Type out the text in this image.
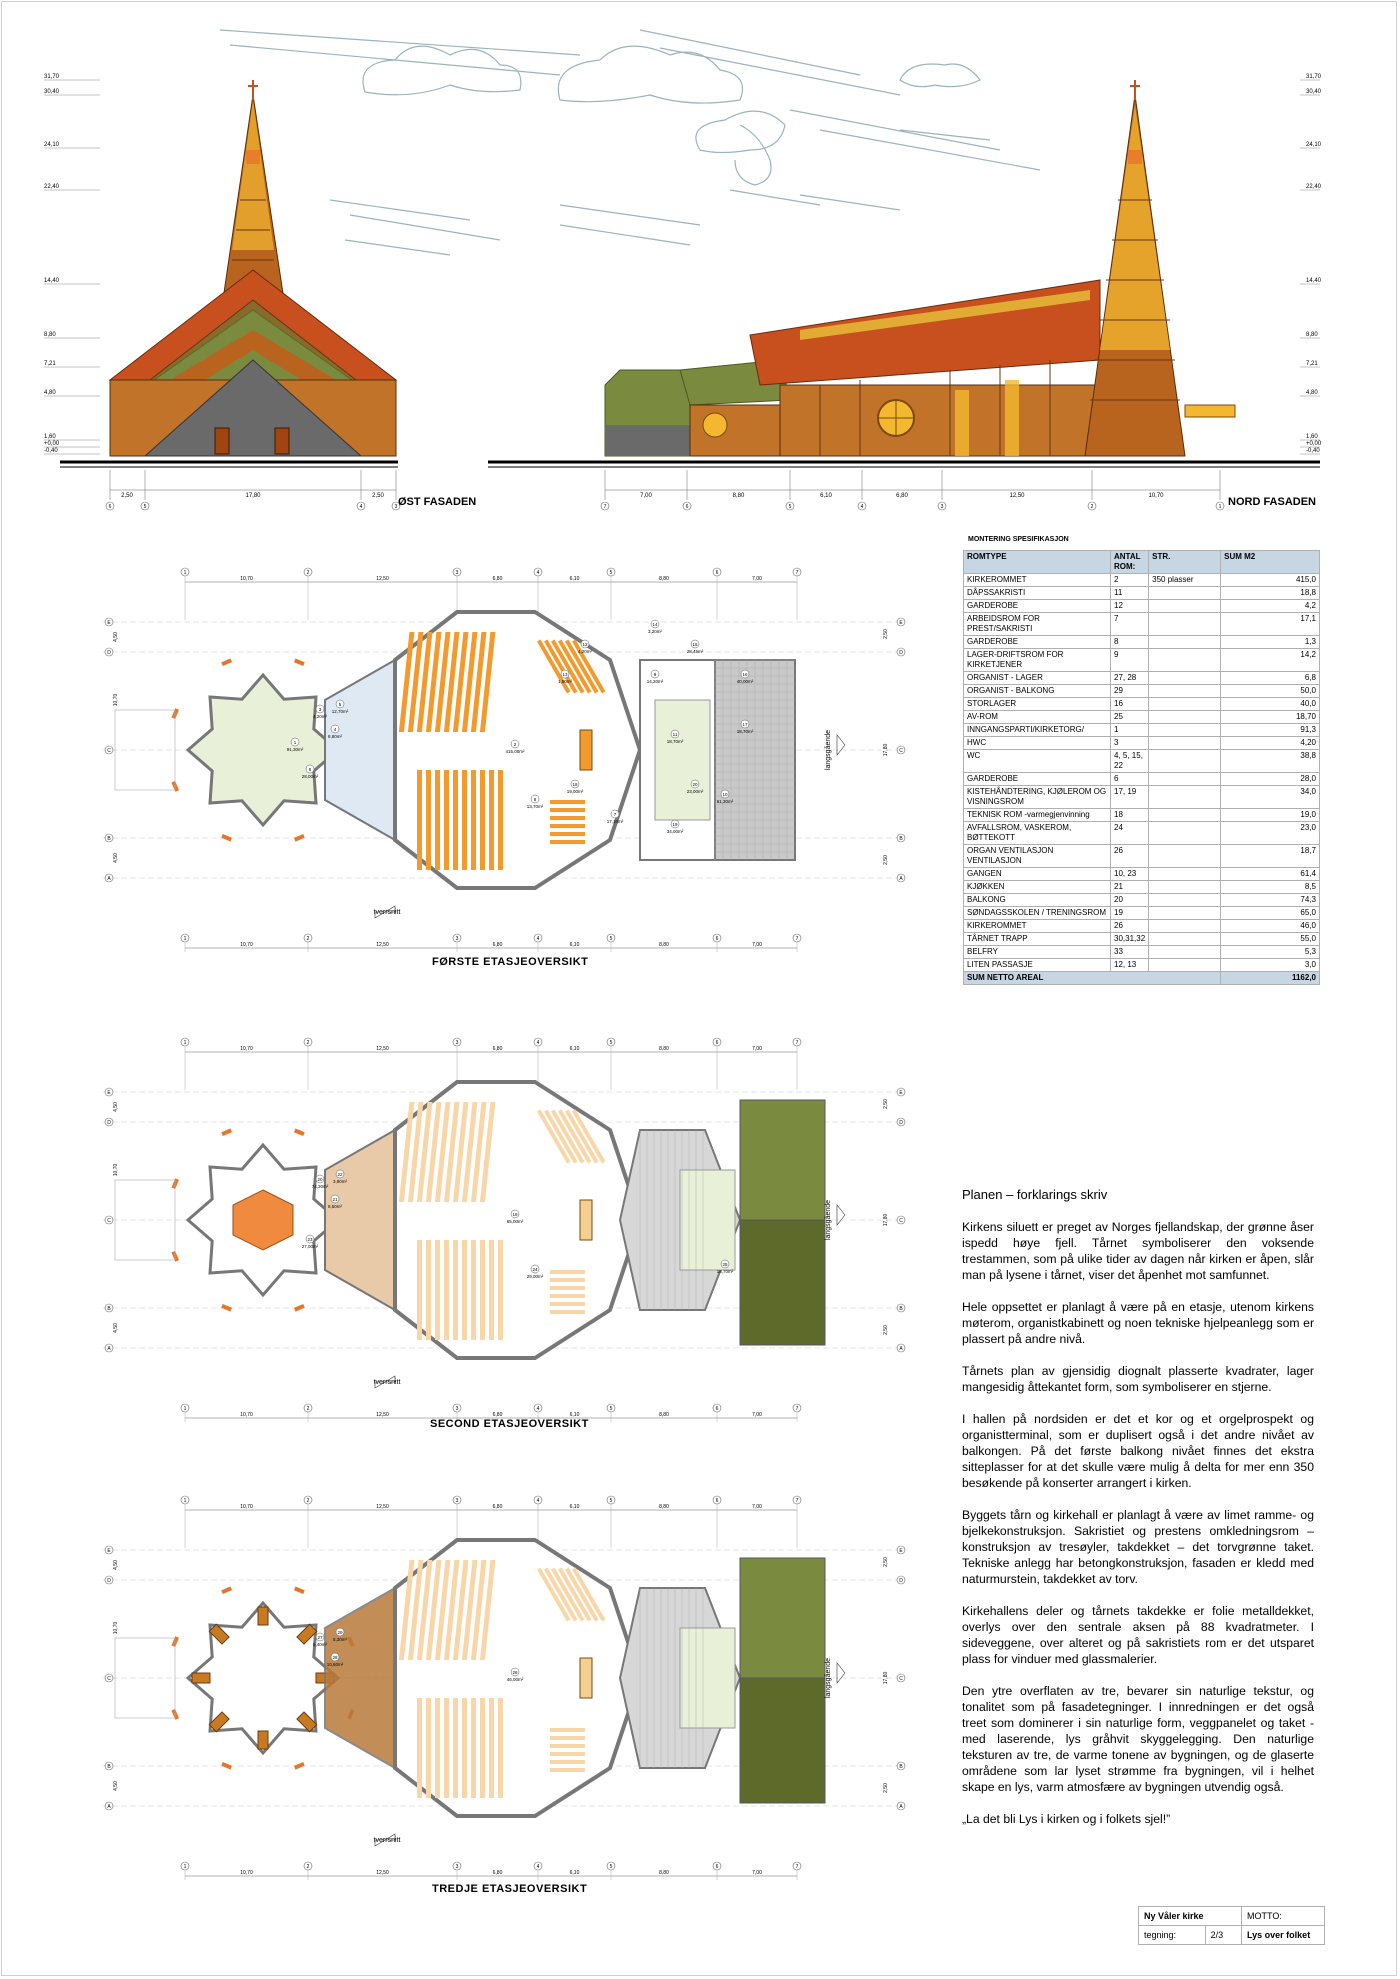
31,70
30,40
24,10
22,40
14,40
8,80
7,21
4,80
1,60
+0,00
-0,40
6	5	4	3
2,50	17,80	2,50 ØST FASADEN
31,70
30,40
24,10
22,40
14,40
8,80
7,21
4,80
1,60
+0,00
-0,40
7	6	5	4	3	2	1
7,00	8,80	6,10	6,80	12,50	10,70	NORD FASADEN
1	2	3	4	5	6	7
10,70	12,50	6,80	6,10	8,80	7,00
1	2	3	4	5	6	7
10,70	12,50	6,80	6,10	8,80	7,00
E	E
D	D
C	C
B	B
A	A
4,50
10,70
4,50
2,50
17,80
2,50
2
415,00m²
3
4,20m²
4
8,80m²
5
12,70m²
6
28,00m²
8
13,70m²
10
61,30m²
11
18,70m²
12
4,20m²
13
1,50m²
14
3,20m²
15
28,45m²
16
40,00m²
17
18,70m²
18
19,00m²
9
14,20m²
7
17,10m²
19
34,00m²
20
23,00m²
1
91,30m²
tverrsnitt
langsgående
FØRSTE ETASJEOVERSIKT
1	2	3	4	5	6	7
10,70	12,50	6,80	6,10	8,80	7,00
1	2	3	4	5	6	7
10,70	12,50	6,80	6,10	8,80	7,00
E	E
D	D
C	C
B	B
A	A
4,50
10,70
4,50
2,50
17,80
2,50
19
65,00m²
20
74,30m²
21
8,50m²
22
3,90m²
23
27,00m²
24
29,00m²
25
18,70m²
tverrsnitt
langsgående
SECOND ETASJEOVERSIKT
1	2	3	4	5	6	7
10,70	12,50	6,80	6,10	8,80	7,00
1	2	3	4	5	6	7
10,70	12,50	6,80	6,10	8,80	7,00
E	E
D	D
C	C
B	B
A	A
4,50
10,70
4,50
2,50
17,80
2,50
26
46,00m²
27
5,40m²
28
10,60m²
29
5,30m²
tverrsnitt
langsgående
TREDJE ETASJEOVERSIKT
MONTERING SPESIFIKASJON
ROMTYPE	ANTAL ROM:	STR.	SUM M2
KIRKEROMMET	2	350 plasser	415,0
DÅPSSAKRISTI	11		18,8
GARDEROBE	12		4,2
ARBEIDSROM FOR PREST/SAKRISTI	7		17,1
GARDEROBE	8		1,3
LAGER-DRIFTSROM FOR KIRKETJENER	9		14,2
ORGANIST - LAGER	27, 28		6,8
ORGANIST - BALKONG	29		50,0
STORLAGER	16		40,0
AV-ROM	25		18,70
INNGANGSPARTI/KIRKETORG/	1		91,3
HWC	3		4,20
WC	4, 5, 15, 22		38,8
GARDEROBE	6		28,0
KISTEHÅNDTERING, KJØLEROM OG VISNINGSROM	17, 19		34,0
TEKNISK ROM -varmegjenvinning	18		19,0
AVFALLSROM, VASKEROM, BØTTEKOTT	24		23,0
ORGAN VENTILASJON VENTILASJON	26		18,7
GANGEN	10, 23		61,4
KJØKKEN	21		8,5
BALKONG	20		74,3
SØNDAGSSKOLEN / TRENINGSROM	19		65,0
KIRKEROMMET	26		46,0
TÅRNET TRAPP	30,31,32		55,0
BELFRY	33		5,3
LITEN PASSASJE	12, 13		3,0
SUM NETTO AREAL			1162,0
Planen – forklarings skriv

Kirkens siluett er preget av Norges fjellandskap, der grønne åser ispedd høye fjell. Tårnet symboliserer den voksende trestammen, som på ulike tider av dagen når kirken er åpen, slår man på lysene i tårnet, viser det åpenhet mot samfunnet.

Hele oppsettet er planlagt å være på en etasje, utenom kirkens møterom, organistkabinett og noen tekniske hjelpeanlegg som er plassert på andre nivå.

Tårnets plan av gjensidig diognalt plasserte kvadrater, lager mangesidig åttekantet form, som symboliserer en stjerne.

I hallen på nordsiden er det et kor og et orgelprospekt og organistterminal, som er duplisert også i det andre nivået av balkongen. På det første balkong nivået finnes det ekstra sitteplasser for at det skulle være mulig å delta for mer enn 350 besøkende på konserter arrangert i kirken.

Byggets tårn og kirkehall er planlagt å være av limet ramme- og bjelkekonstruksjon. Sakristiet og prestens omkledningsrom – konstruksjon av tresøyler, takdekket – det torvgrønne taket. Tekniske anlegg har betongkonstruksjon, fasaden er kledd med naturmurstein, takdekket av torv.

Kirkehallens deler og tårnets takdekke er folie metalldekket, overlys over den sentrale aksen på 88 kvadratmeter. I sideveggene, over alteret og på sakristiets rom er det utsparet plass for vinduer med glassmalerier.

Den ytre overflaten av tre, bevarer sin naturlige tekstur, og tonalitet som på fasadetegninger. I innredningen er det også treet som dominerer i sin naturlige form, veggpanelet og taket - med laserende, lys gråhvit skyggelegging. Den naturlige teksturen av tre, de varme tonene av bygningen, og de glaserte områdene som lar lyset strømme fra bygningen, vil i helhet skape en lys, varm atmosfære av bygningen utvendig også.

„La det bli Lys i kirken og i folkets sjel!”

Ny Våler kirke		MOTTO:
tegning:	2/3	Lys over folket
